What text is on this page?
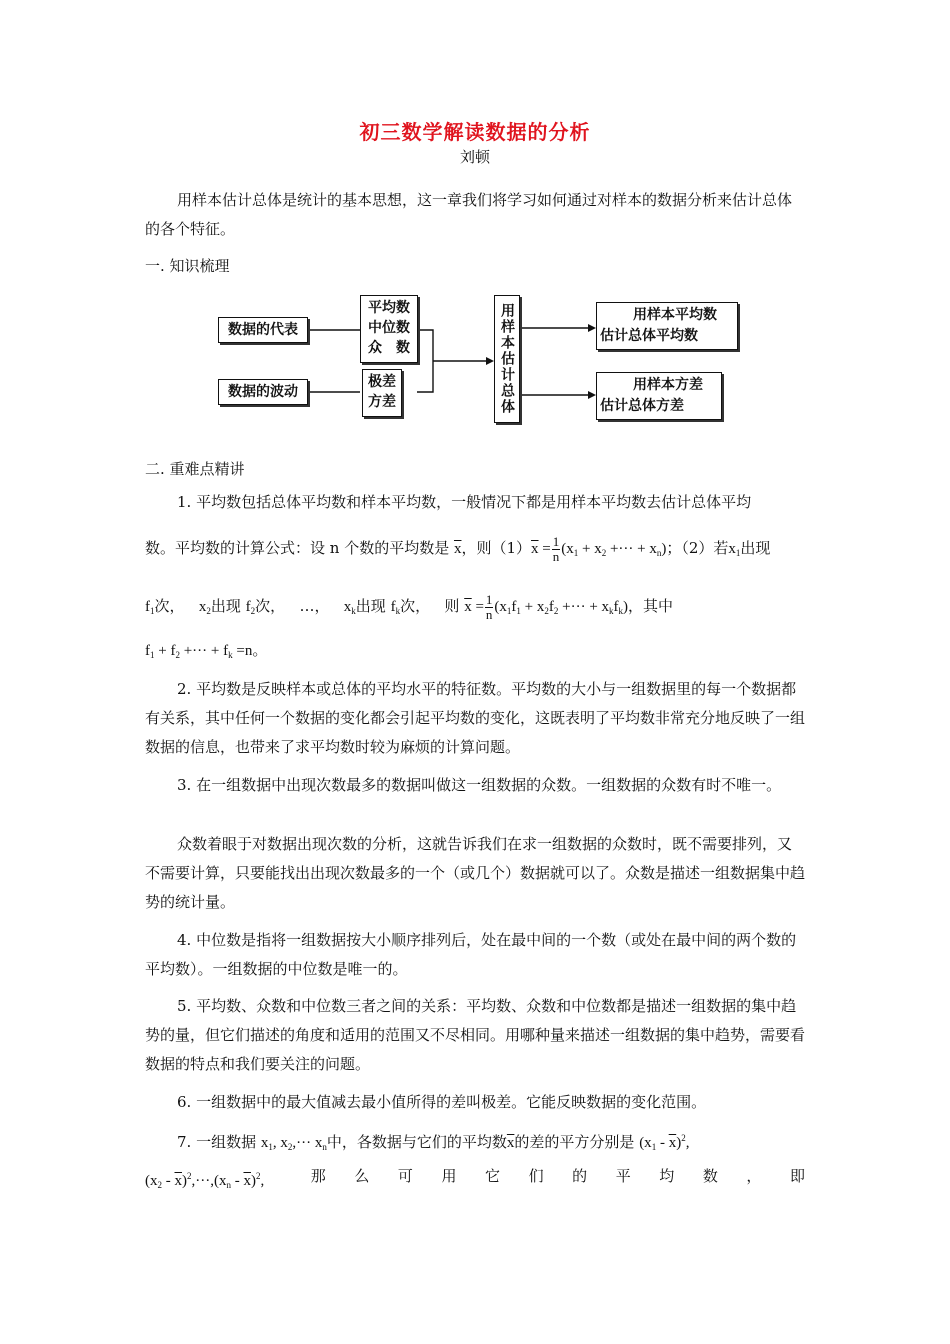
初三数学解读数据的分析
刘顿

用样本估计总体是统计的基本思想，这一章我们将学习如何通过对样本的数据分析来估计总体的各个特征。

一. 知识梳理
数据的代表
数据的波动
平均数
中位数
众　数
极差
方差	用样本估计总体	用样本平均数
估计总体平均数
用样本方差
估计总体方差
二. 重难点精讲
1. 平均数包括总体平均数和样本平均数，一般情况下都是用样本平均数去估计总体平均
数。平均数的计算公式：设 n 个数的平均数是 $\overline{x}$，则$(1)\overline{x} = \frac{1}{n} (x_1 + x_2$ +··· + $x_n$)；（2）若$x_1$出现
$f_1$次， $x_2$出现 $f_2$次， …， $x_k$出现 $f_k$次， 则 $\overline{x} = \frac{1}{n} (x_1f_1 + x_2f_2$ +··· + $x_kf_k$)，其中
$f_1 + f_2$ +··· + $f_k =n$。

2. 平均数是反映样本或总体的平均水平的特征数。平均数的大小与一组数据里的每一个数据都有关系，其中任何一个数据的变化都会引起平均数的变化，这既表明了平均数非常充分地反映了一组数据的信息，也带来了求平均数时较为麻烦的计算问题。

3. 在一组数据中出现次数最多的数据叫做这一组数据的众数。一组数据的众数有时不唯一。

众数着眼于对数据出现次数的分析，这就告诉我们在求一组数据的众数时，既不需要排列，又不需要计算，只要能找出出现次数最多的一个（或几个）数据就可以了。众数是描述一组数据集中趋势的统计量。

4. 中位数是指将一组数据按大小顺序排列后，处在最中间的一个数（或处在最中间的两个数的平均数）。一组数据的中位数是唯一的。

5. 平均数、众数和中位数三者之间的关系：平均数、众数和中位数都是描述一组数据的集中趋势的量，但它们描述的角度和适用的范围又不尽相同。用哪种量来描述一组数据的集中趋势，需要看数据的特点和我们要关注的问题。

6. 一组数据中的最大值减去最小值所得的差叫极差。它能反映数据的变化范围。

7. 一组数据 $x_1$, $x_2,\cdot\cdot\cdot x_n$中，各数据与它们的平均数$\overline{x}$的差的平方分别是 $(x_1 - \overline{x})^2$,
$(x_2 - \overline{x})^2,\cdot\cdot\cdot,(x_n - \overline{x})^2$,	那 么 可 用 它 们 的 平 均 数 ， 即
